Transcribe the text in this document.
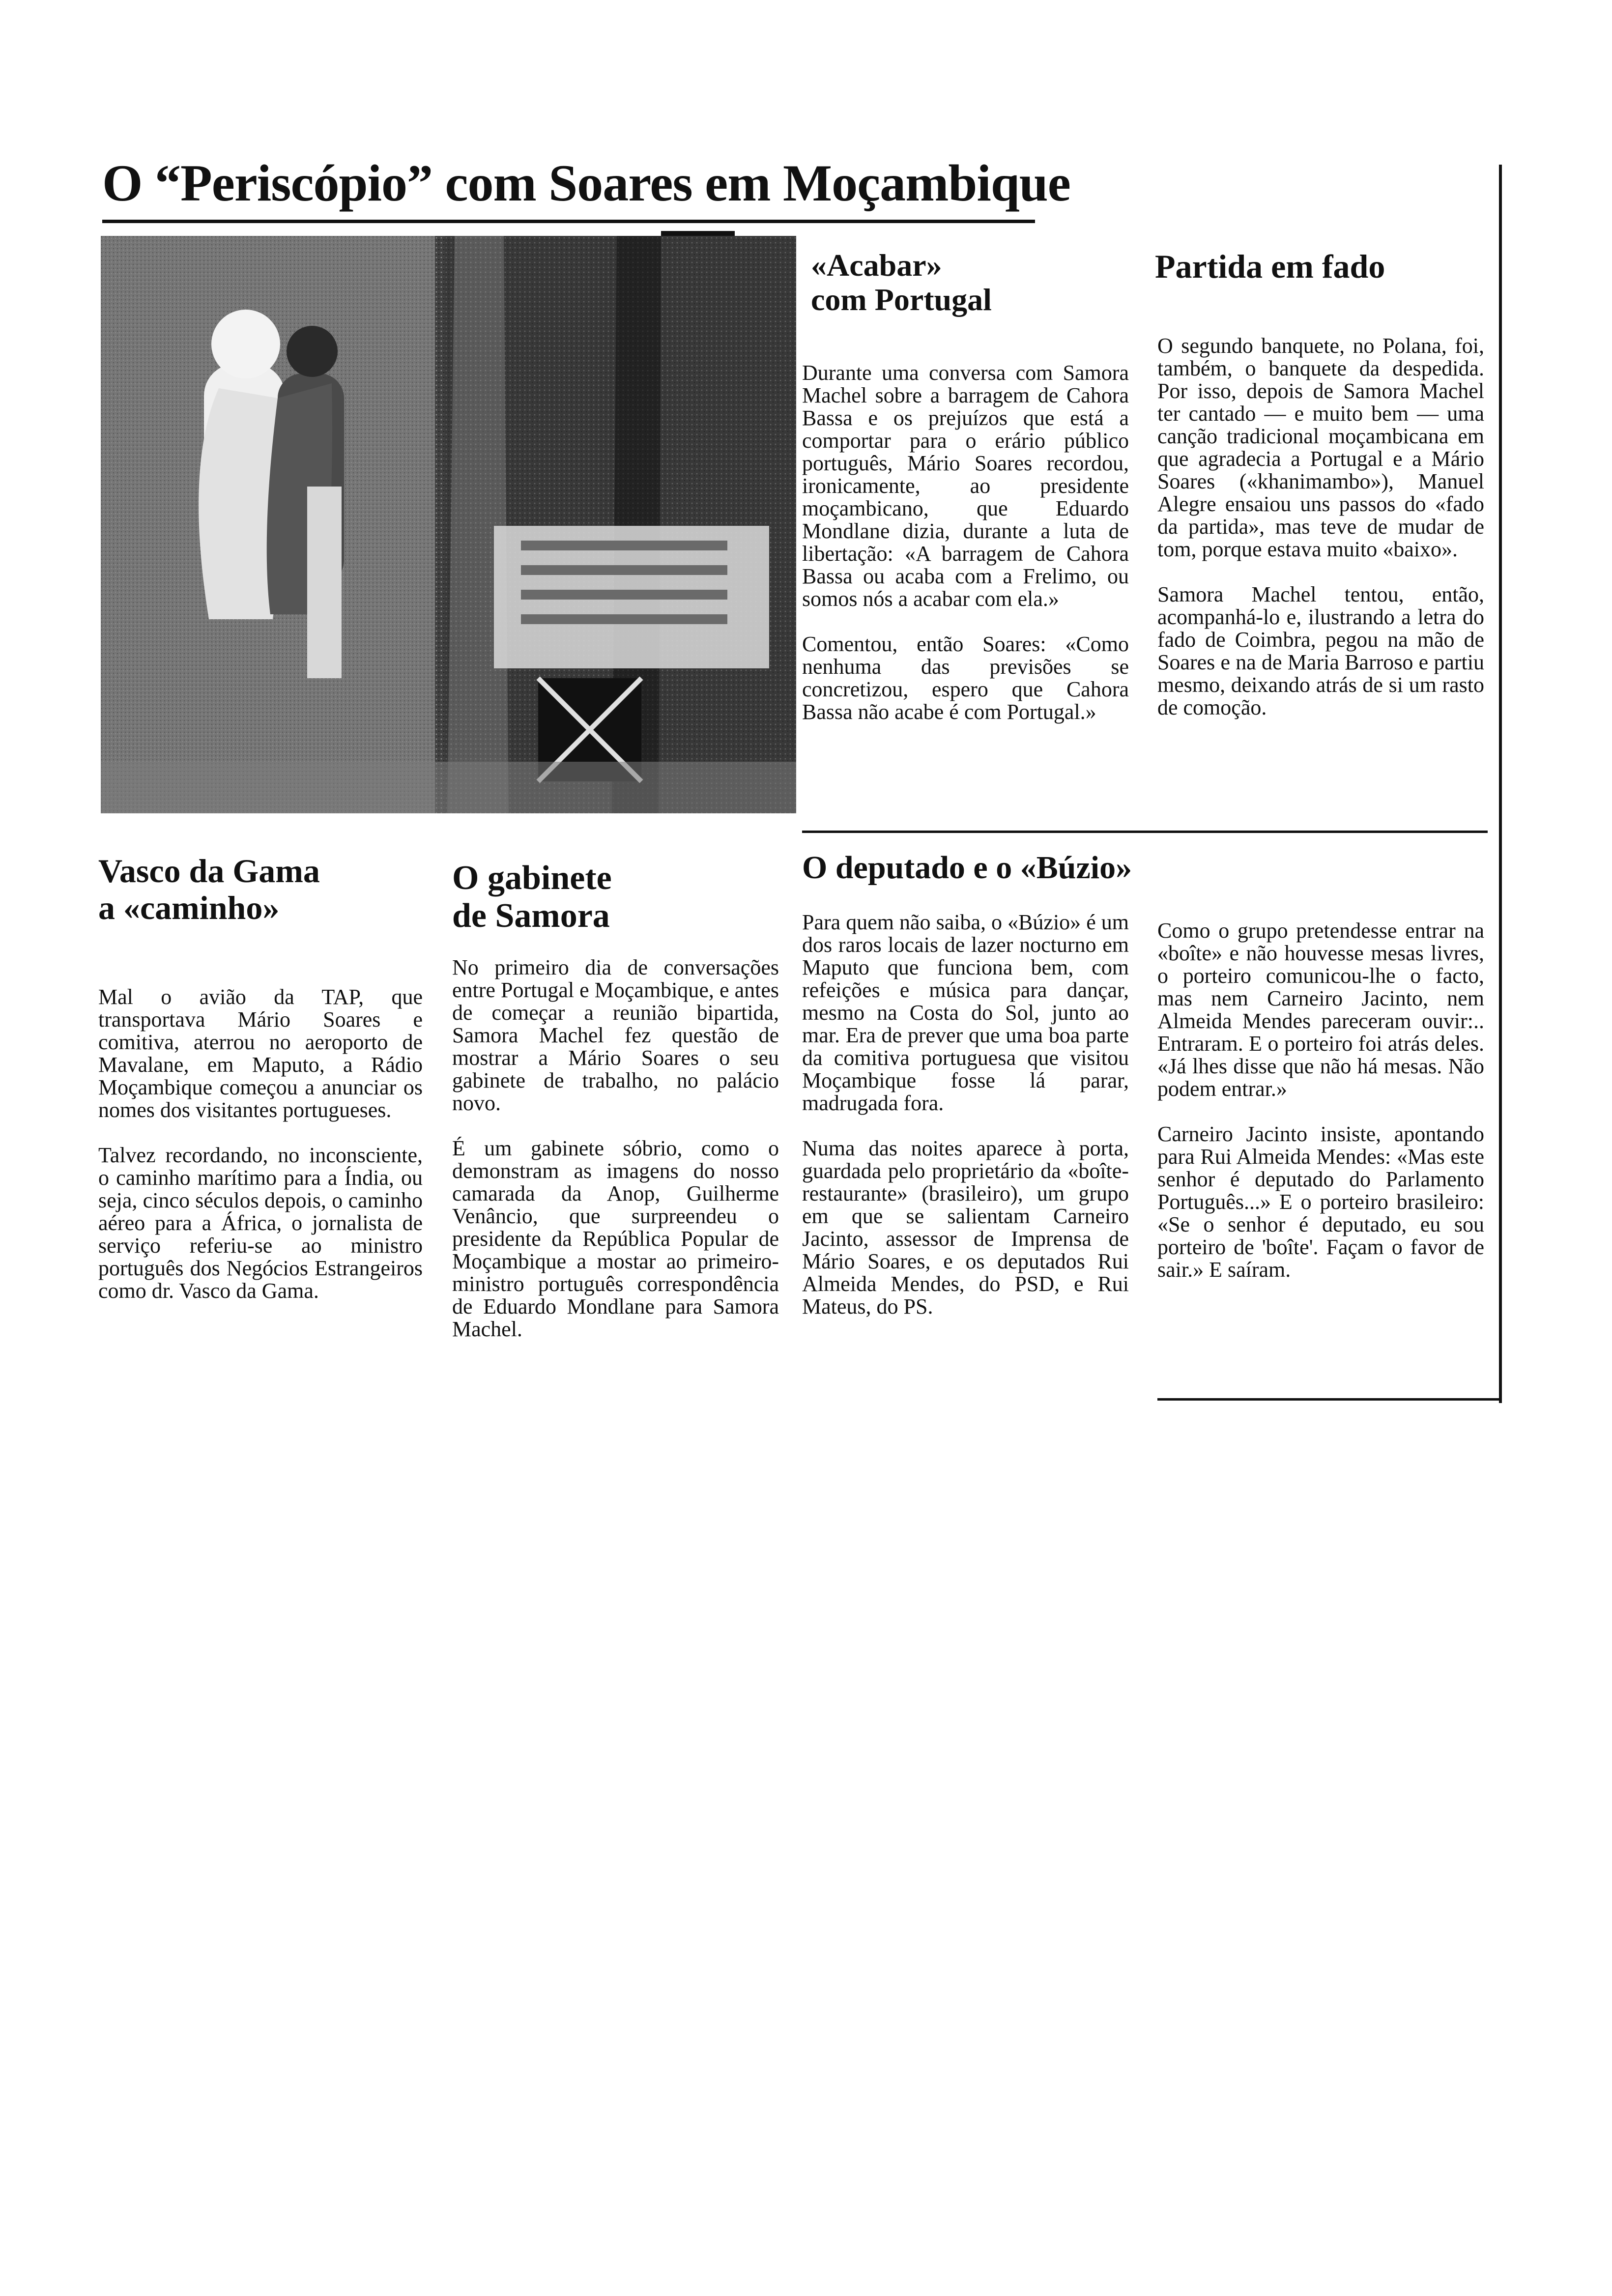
O “Periscópio” com Soares em Moçambique
«Acabar»
com Portugal

Durante uma conversa com Samora Machel sobre a barragem de Cahora Bassa e os prejuízos que está a comportar para o erário público português, Mário Soares recordou, ironicamente, ao presidente moçambicano, que Eduardo Mondlane dizia, durante a luta de libertação: «A barragem de Cahora Bassa ou acaba com a Frelimo, ou somos nós a acabar com ela.»

Comentou, então Soares: «Como nenhuma das previsões se concretizou, espero que Cahora Bassa não acabe é com Portugal.»

Partida em fado

O segundo banquete, no Polana, foi, também, o banquete da despedida. Por isso, depois de Samora Machel ter cantado — e muito bem — uma canção tradicional moçambicana em que agradecia a Portugal e a Mário Soares («khanimambo»), Manuel Alegre ensaiou uns passos do «fado da partida», mas teve de mudar de tom, porque estava muito «baixo».

Samora Machel tentou, então, acompanhá-lo e, ilustrando a letra do fado de Coimbra, pegou na mão de Soares e na de Maria Barroso e partiu mesmo, deixando atrás de si um rasto de comoção.

Vasco da Gama
a «caminho»

Mal o avião da TAP, que transportava Mário Soares e comitiva, aterrou no aeroporto de Mavalane, em Maputo, a Rádio Moçambique começou a anunciar os nomes dos visitantes portugueses.

Talvez recordando, no inconsciente, o caminho marítimo para a Índia, ou seja, cinco séculos depois, o caminho aéreo para a África, o jornalista de serviço referiu-se ao ministro português dos Negócios Estrangeiros como dr. Vasco da Gama.

O gabinete
de Samora

No primeiro dia de conversações entre Portugal e Moçambique, e antes de começar a reunião bipartida, Samora Machel fez questão de mostrar a Mário Soares o seu gabinete de trabalho, no palácio novo.

É um gabinete sóbrio, como o demonstram as imagens do nosso camarada da Anop, Guilherme Venâncio, que surpreendeu o presidente da República Popular de Moçambique a mostar ao primeiro-ministro português correspondência de Eduardo Mondlane para Samora Machel.

O deputado e o «Búzio»

Para quem não saiba, o «Búzio» é um dos raros locais de lazer nocturno em Maputo que funciona bem, com refeições e música para dançar, mesmo na Costa do Sol, junto ao mar. Era de prever que uma boa parte da comitiva portuguesa que visitou Moçambique fosse lá parar, madrugada fora.

Numa das noites aparece à porta, guardada pelo proprietário da «boîte-restaurante» (brasileiro), um grupo em que se salientam Carneiro Jacinto, assessor de Imprensa de Mário Soares, e os deputados Rui Almeida Mendes, do PSD, e Rui Mateus, do PS.

Como o grupo pretendesse entrar na «boîte» e não houvesse mesas livres, o porteiro comunicou-lhe o facto, mas nem Carneiro Jacinto, nem Almeida Mendes pareceram ouvir:.. Entraram. E o porteiro foi atrás deles. «Já lhes disse que não há mesas. Não podem entrar.»

Carneiro Jacinto insiste, apontando para Rui Almeida Mendes: «Mas este senhor é deputado do Parlamento Português...» E o porteiro brasileiro: «Se o senhor é deputado, eu sou porteiro de 'boîte'. Façam o favor de sair.» E saíram.
